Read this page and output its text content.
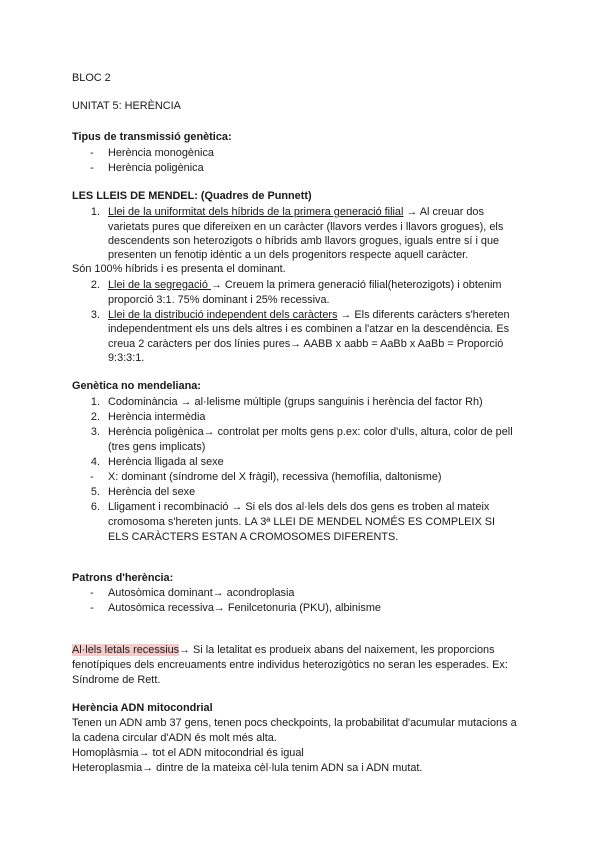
BLOC 2
UNITAT 5: HERÈNCIA
Tipus de transmissió genètica:
- Herència monogènica
- Herència poligènica
LES LLEIS DE MENDEL: (Quadres de Punnett)
1. Llei de la uniformitat dels híbrids de la primera generació filial → Al creuar dos
varietats pures que difereixen en un caràcter (llavors verdes i llavors grogues), els
descendents son heterozigots o híbrids amb llavors grogues, iguals entre sí i que
presenten un fenotip idèntic a un dels progenitors respecte aquell caràcter.
Són 100% híbrids i es presenta el dominant.
2. Llei de la segregació → Creuem la primera generació filial(heterozigots) i obtenim
proporció 3:1. 75% dominant i 25% recessiva.
3. Llei de la distribució independent dels caràcters → Els diferents caràcters s'hereten
independentment els uns dels altres i es combinen a l'atzar en la descendència. Es
creua 2 caràcters per dos línies pures→ AABB x aabb = AaBb x AaBb = Proporció
9:3:3:1.
Genètica no mendeliana:
1. Codominància → al·lelisme múltiple (grups sanguinis i herència del factor Rh)
2. Herència intermèdia
3. Herència poligènica→ controlat per molts gens p.ex: color d'ulls, altura, color de pell
(tres gens implicats)
4. Herència lligada al sexe
- X: dominant (síndrome del X fràgil), recessiva (hemofília, daltonisme)
5. Herència del sexe
6. Lligament i recombinació → Si els dos al·lels dels dos gens es troben al mateix
cromosoma s'hereten junts. LA 3ª LLEI DE MENDEL NOMÉS ES COMPLEIX SI
ELS CARÀCTERS ESTAN A CROMOSOMES DIFERENTS.
Patrons d'herència:
- Autosòmica dominant→ acondroplasia
- Autosòmica recessiva→ Fenilcetonuria (PKU), albinisme
Al·lels letals recessius→ Si la letalitat es produeix abans del naixement, les proporcions
fenotípiques dels encreuaments entre individus heterozigòtics no seran les esperades. Ex:
Síndrome de Rett.
Herència ADN mitocondrial
Tenen un ADN amb 37 gens, tenen pocs checkpoints, la probabilitat d'acumular mutacions a
la cadena circular d'ADN és molt més alta.
Homoplàsmia→ tot el ADN mitocondrial és igual
Heteroplasmia→ dintre de la mateixa cèl·lula tenim ADN sa i ADN mutat.
